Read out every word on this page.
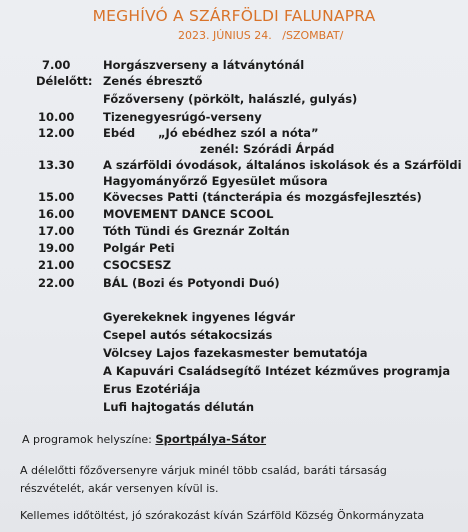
MEGHÍVÓ A SZÁRFÖLDI FALUNAPRA
2023. JÚNIUS 24.   /SZOMBAT/
7.00	Horgászverseny a látványtónál
Délelőtt: Zenés ébresztő
Főzőverseny (pörkölt, halászlé, gulyás)
10.00 Tizenegyesrúgó-verseny
12.00 Ebéd „Jó ebédhez szól a nóta”
zenél: Szórádi Árpád
13.30 A szárföldi óvodások, általános iskolások és a Szárföldi
Hagyományőrző Egyesület műsora
15.00 Kövecses Patti (táncterápia és mozgásfejlesztés)
16.00 MOVEMENT DANCE SCOOL
17.00 Tóth Tündi és Greznár Zoltán
19.00 Polgár Peti
21.00 CSOCSESZ
22.00 BÁL (Bozi és Potyondi Duó)
Gyerekeknek ingyenes légvár
Csepel autós sétakocsizás
Völcsey Lajos fazekasmester bemutatója
A Kapuvári Családsegítő Intézet kézműves programja
Erus Ezotériája
Lufi hajtogatás délután
A programok helyszíne: Sportpálya-Sátor
A délelőtti főzőversenyre várjuk minél több család, baráti társaság részvételét, akár versenyen kívül is.
Kellemes időtöltést, jó szórakozást kíván Szárföld Község Önkormányzata
